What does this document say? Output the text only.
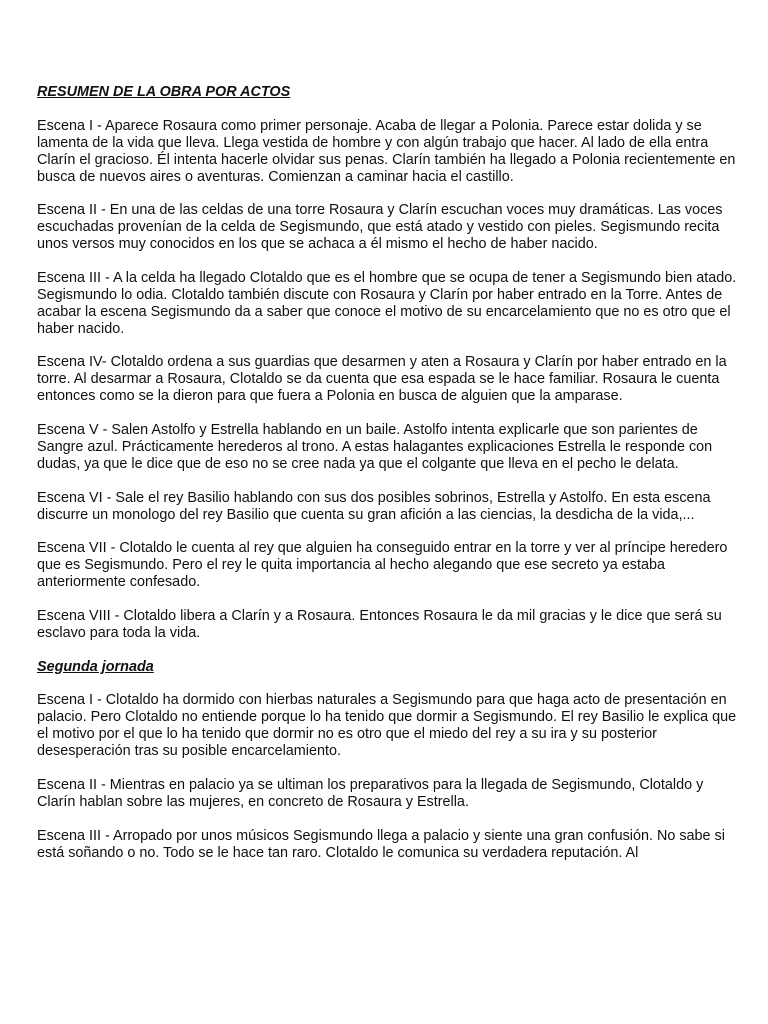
RESUMEN DE LA OBRA POR ACTOS
Escena I - Aparece Rosaura como primer personaje. Acaba de llegar a Polonia. Parece estar dolida y se lamenta de la vida que lleva. Llega vestida de hombre y con algún trabajo que hacer. Al lado de ella entra Clarín el gracioso. Él intenta hacerle olvidar sus penas. Clarín también ha llegado a Polonia recientemente en busca de nuevos aires o aventuras. Comienzan a caminar hacia el castillo.
Escena II - En una de las celdas de una torre Rosaura y Clarín escuchan voces muy dramáticas. Las voces escuchadas provenían de la celda de Segismundo, que está atado y vestido con pieles. Segismundo recita unos versos muy conocidos en los que se achaca a él mismo el hecho de haber nacido.
Escena III - A la celda ha llegado Clotaldo que es el hombre que se ocupa de tener a Segismundo bien atado. Segismundo lo odia. Clotaldo también discute con Rosaura y Clarín por haber entrado en la Torre. Antes de acabar la escena Segismundo da a saber que conoce el motivo de su encarcelamiento que no es otro que el haber nacido.
Escena IV- Clotaldo ordena a sus guardias que desarmen y aten a Rosaura y Clarín por haber entrado en la torre. Al desarmar a Rosaura, Clotaldo se da cuenta que esa espada se le hace familiar. Rosaura le cuenta entonces como se la dieron para que fuera a Polonia en busca de alguien que la amparase.
Escena V - Salen Astolfo y Estrella hablando en un baile. Astolfo intenta explicarle que son parientes de Sangre azul. Prácticamente herederos al trono. A estas halagantes explicaciones Estrella le responde con dudas, ya que le dice que de eso no se cree nada ya que el colgante que lleva en el pecho le delata.
Escena VI - Sale el rey Basilio hablando con sus dos posibles sobrinos, Estrella y Astolfo. En esta escena discurre un monologo del rey Basilio que cuenta su gran afición a las ciencias, la desdicha de la vida,...
Escena VII - Clotaldo le cuenta al rey que alguien ha conseguido entrar en la torre y ver al príncipe heredero que es Segismundo. Pero el rey le quita importancia al hecho alegando que ese secreto ya estaba anteriormente confesado.
Escena VIII - Clotaldo libera a Clarín y a Rosaura. Entonces Rosaura le da mil gracias y le dice que será su esclavo para toda la vida.
Segunda jornada
Escena I - Clotaldo ha dormido con hierbas naturales a Segismundo para que haga acto de presentación en palacio. Pero Clotaldo no entiende porque lo ha tenido que dormir a Segismundo. El rey Basilio le explica que el motivo por el que lo ha tenido que dormir no es otro que el miedo del rey a su ira y su posterior desesperación tras su posible encarcelamiento.
Escena II - Mientras en palacio ya se ultiman los preparativos para la llegada de Segismundo, Clotaldo y Clarín hablan sobre las mujeres, en concreto de Rosaura y Estrella.
Escena III - Arropado por unos músicos Segismundo llega a palacio y siente una gran confusión. No sabe si está soñando o no. Todo se le hace tan raro. Clotaldo le comunica su verdadera reputación. Al
